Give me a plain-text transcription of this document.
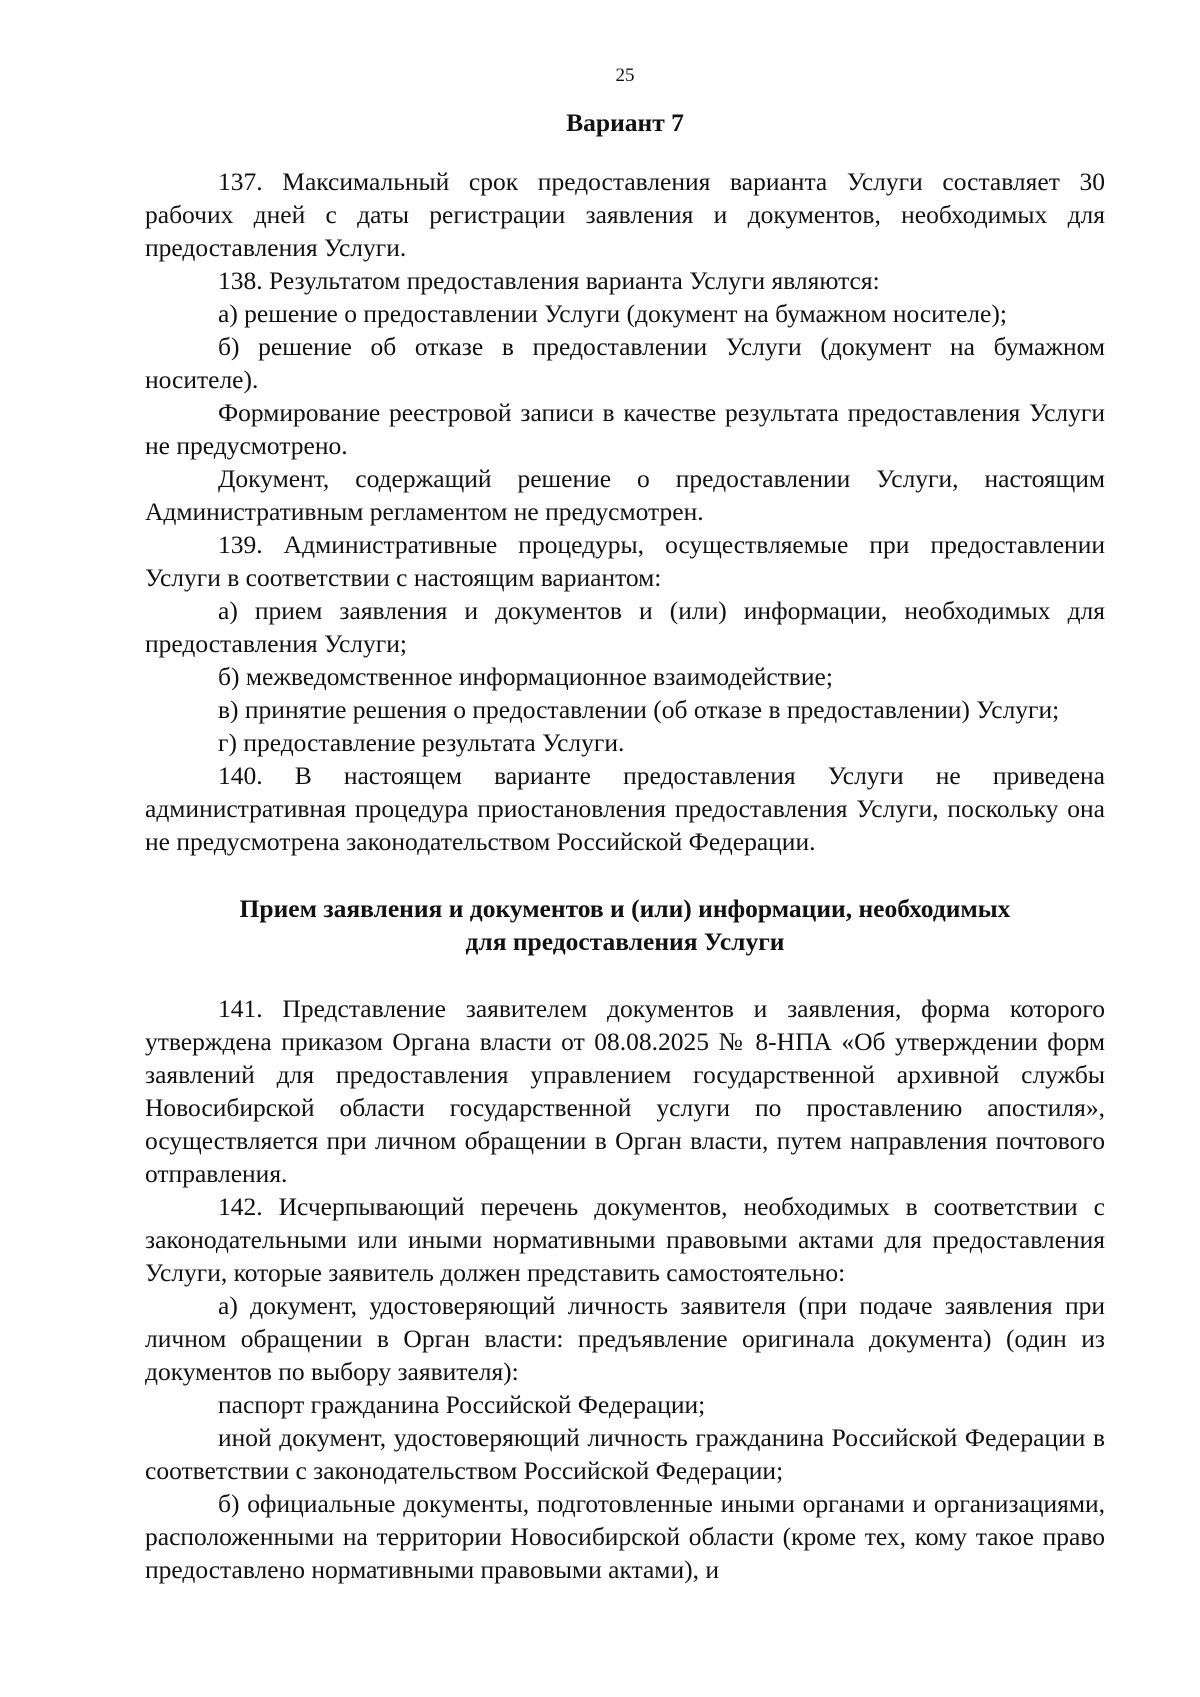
25

Вариант 7

137. Максимальный срок предоставления варианта Услуги составляет 30 рабочих дней с даты регистрации заявления и документов, необходимых для предоставления Услуги.

138. Результатом предоставления варианта Услуги являются:

а) решение о предоставлении Услуги (документ на бумажном носителе);

б) решение об отказе в предоставлении Услуги (документ на бумажном носителе).

Формирование реестровой записи в качестве результата предоставления Услуги не предусмотрено.

Документ, содержащий решение о предоставлении Услуги, настоящим Административным регламентом не предусмотрен.

139. Административные процедуры, осуществляемые при предоставлении Услуги в соответствии с настоящим вариантом:

а) прием заявления и документов и (или) информации, необходимых для предоставления Услуги;

б) межведомственное информационное взаимодействие;

в) принятие решения о предоставлении (об отказе в предоставлении) Услуги;

г) предоставление результата Услуги.

140. В настоящем варианте предоставления Услуги не приведена административная процедура приостановления предоставления Услуги, поскольку она не предусмотрена законодательством Российской Федерации.

Прием заявления и документов и (или) информации, необходимых
для предоставления Услуги

141. Представление заявителем документов и заявления, форма которого утверждена приказом Органа власти от 08.08.2025 № 8-НПА «Об утверждении форм заявлений для предоставления управлением государственной архивной службы Новосибирской области государственной услуги по проставлению апостиля», осуществляется при личном обращении в Орган власти, путем направления почтового отправления.

142. Исчерпывающий перечень документов, необходимых в соответствии с законодательными или иными нормативными правовыми актами для предоставления Услуги, которые заявитель должен представить самостоятельно:

а) документ, удостоверяющий личность заявителя (при подаче заявления при личном обращении в Орган власти: предъявление оригинала документа) (один из документов по выбору заявителя):

паспорт гражданина Российской Федерации;

иной документ, удостоверяющий личность гражданина Российской Федерации в соответствии с законодательством Российской Федерации;

б) официальные документы, подготовленные иными органами и организациями, расположенными на территории Новосибирской области (кроме тех, кому такое право предоставлено нормативными правовыми актами), и
